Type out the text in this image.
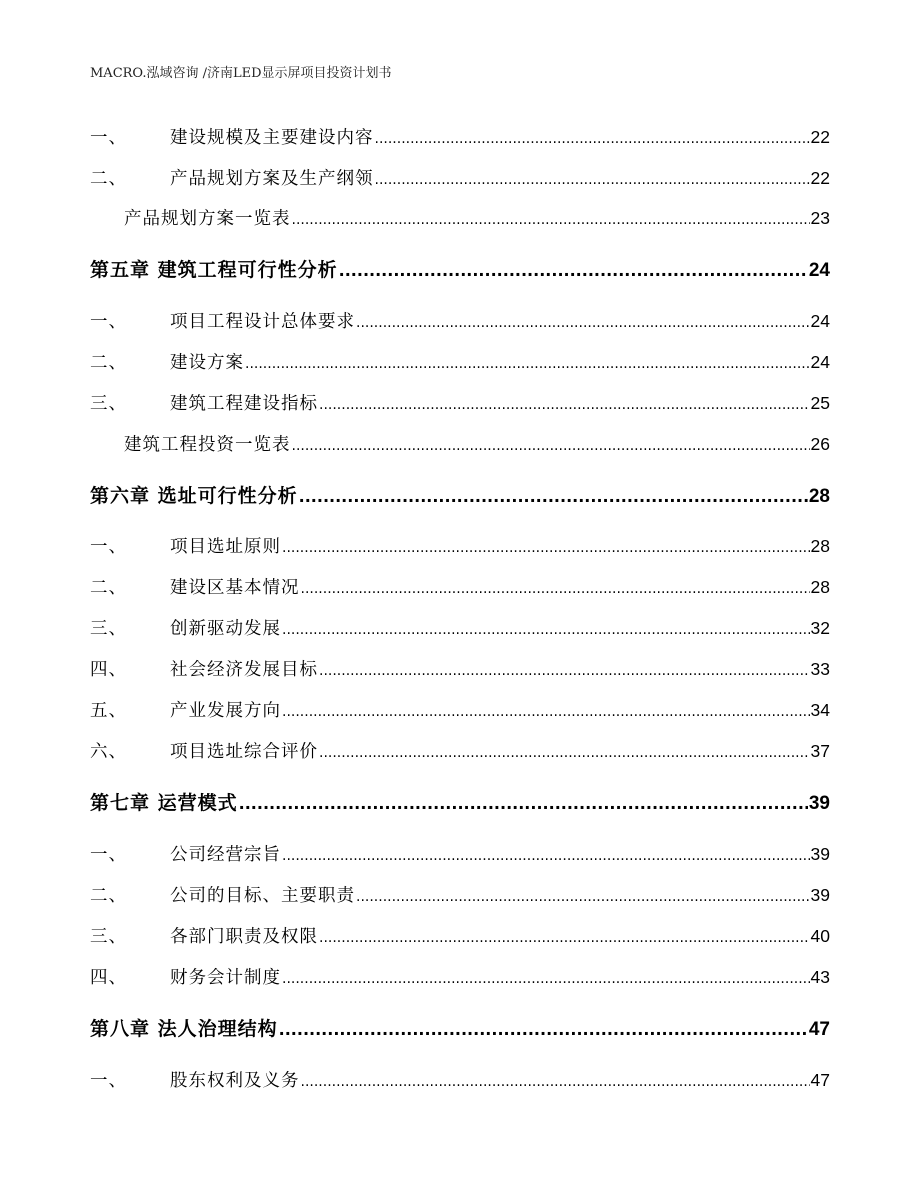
MACRO.泓域咨询 /济南LED显示屏项目投资计划书
一、	建设规模及主要建设内容 .....	22
二、	产品规划方案及生产纲领 .....	22
产品规划方案一览表 .....	23
第五章 建筑工程可行性分析 .....	24
一、	项目工程设计总体要求 .....	24
二、	建设方案 .....	24
三、	建筑工程建设指标 .....	25
建筑工程投资一览表 .....	26
第六章 选址可行性分析 .....	28
一、	项目选址原则 .....	28
二、	建设区基本情况 .....	28
三、	创新驱动发展 .....	32
四、	社会经济发展目标 .....	33
五、	产业发展方向 .....	34
六、	项目选址综合评价 .....	37
第七章 运营模式 .....	39
一、	公司经营宗旨 .....	39
二、	公司的目标、主要职责 .....	39
三、	各部门职责及权限 .....	40
四、	财务会计制度 .....	43
第八章 法人治理结构 .....	47
一、	股东权利及义务 .....	47
